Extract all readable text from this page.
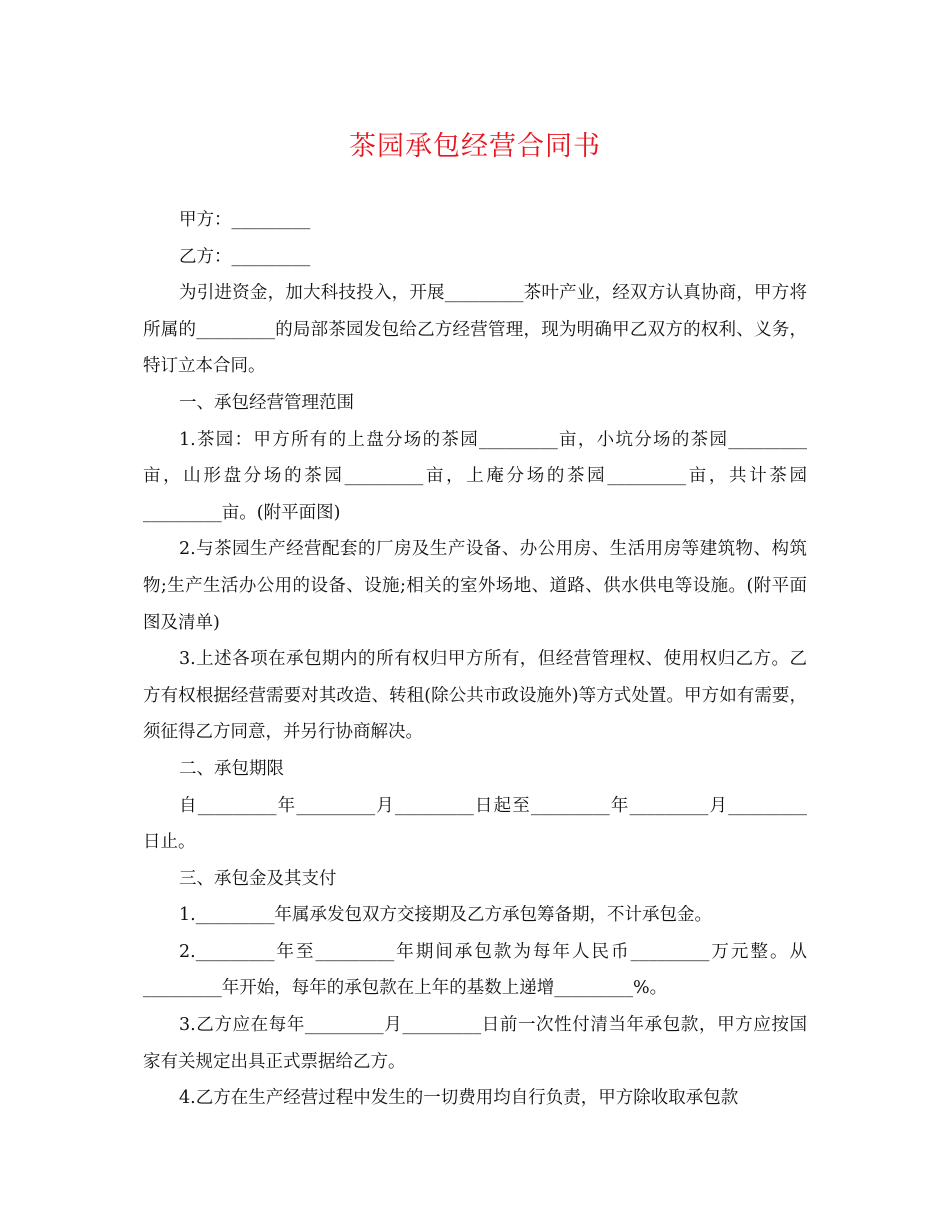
茶园承包经营合同书

甲方：_________

乙方：_________

为引进资金，加大科技投入，开展_________茶叶产业，经双方认真协商，甲方将所属的_________的局部茶园发包给乙方经营管理，现为明确甲乙双方的权利、义务，特订立本合同。

一、承包经营管理范围

1.茶园：甲方所有的上盘分场的茶园_________亩，小坑分场的茶园_________亩，山形盘分场的茶园_________亩，上庵分场的茶园_________亩，共计茶园_________亩。(附平面图)

2.与茶园生产经营配套的厂房及生产设备、办公用房、生活用房等建筑物、构筑物;生产生活办公用的设备、设施;相关的室外场地、道路、供水供电等设施。(附平面图及清单)

3.上述各项在承包期内的所有权归甲方所有，但经营管理权、使用权归乙方。乙方有权根据经营需要对其改造、转租(除公共市政设施外)等方式处置。甲方如有需要，须征得乙方同意，并另行协商解决。

二、承包期限

自_________年_________月_________日起至_________年_________月_________日止。

三、承包金及其支付

1._________年属承发包双方交接期及乙方承包筹备期，不计承包金。

2._________年至_________年期间承包款为每年人民币_________万元整。从_________年开始，每年的承包款在上年的基数上递增_________%。

3.乙方应在每年_________月_________日前一次性付清当年承包款，甲方应按国家有关规定出具正式票据给乙方。

4.乙方在生产经营过程中发生的一切费用均自行负责，甲方除收取承包款
